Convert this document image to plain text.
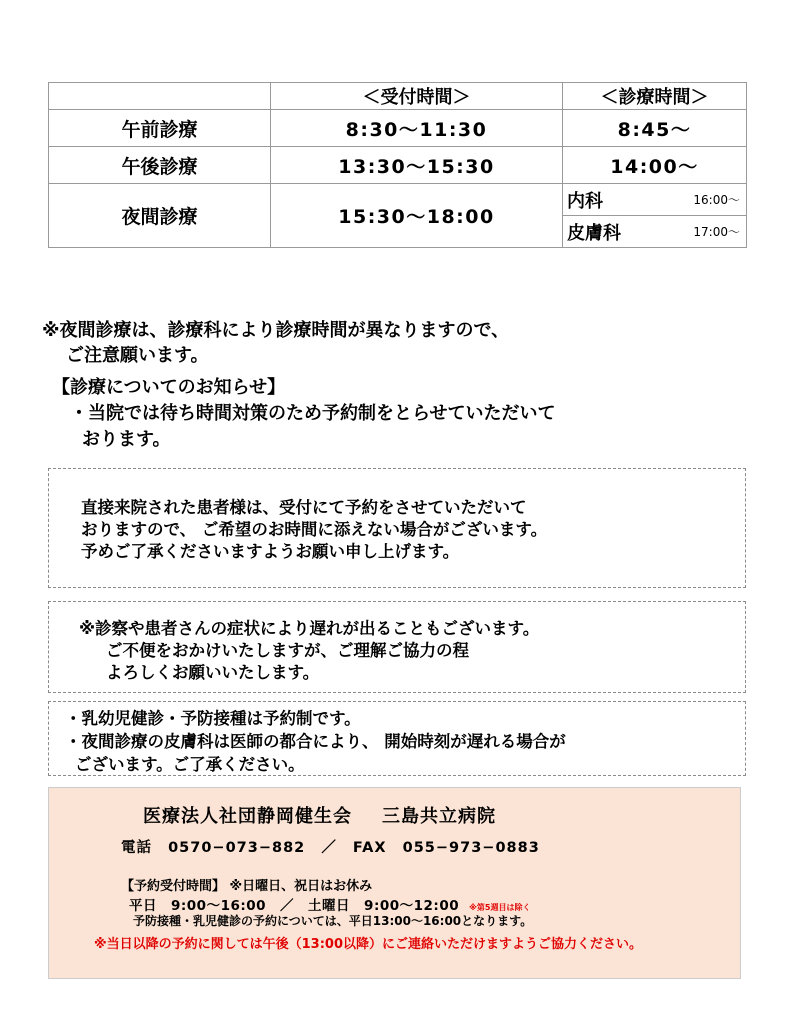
	＜受付時間＞	＜診療時間＞
午前診療	8:30〜11:30	8:45〜
午後診療	13:30〜15:30	14:00〜
夜間診療	15:30〜18:00	内科 16:00〜

		皮膚科 17:00〜
※夜間診療は、診療科により診療時間が異なりますので、
ご注意願います。
【診療についてのお知らせ】
・当院では待ち時間対策のため予約制をとらせていただいて
おります。
直接来院された患者様は、受付にて予約をさせていただいて
おりますので、 ご希望のお時間に添えない場合がございます。
予めご了承くださいますようお願い申し上げます。
※診察や患者さんの症状により遅れが出ることもございます。
ご不便をおかけいたしますが、ご理解ご協力の程
よろしくお願いいたします。
・乳幼児健診・予防接種は予約制です。
・夜間診療の皮膚科は医師の都合により、 開始時刻が遅れる場合が
ございます。ご了承ください。
医療法人社団静岡健生会 三島共立病院
電話 0570−073−882 ／ FAX 055−973−0883
【予約受付時間】 ※日曜日、祝日はお休み
平日　9:00〜16:00　／　土曜日　9:00〜12:00 ※第5週目は除く
予防接種・乳児健診の予約については、平日13:00〜16:00となります。
※当日以降の予約に関しては午後（13:00以降）にご連絡いただけますようご協力ください。
